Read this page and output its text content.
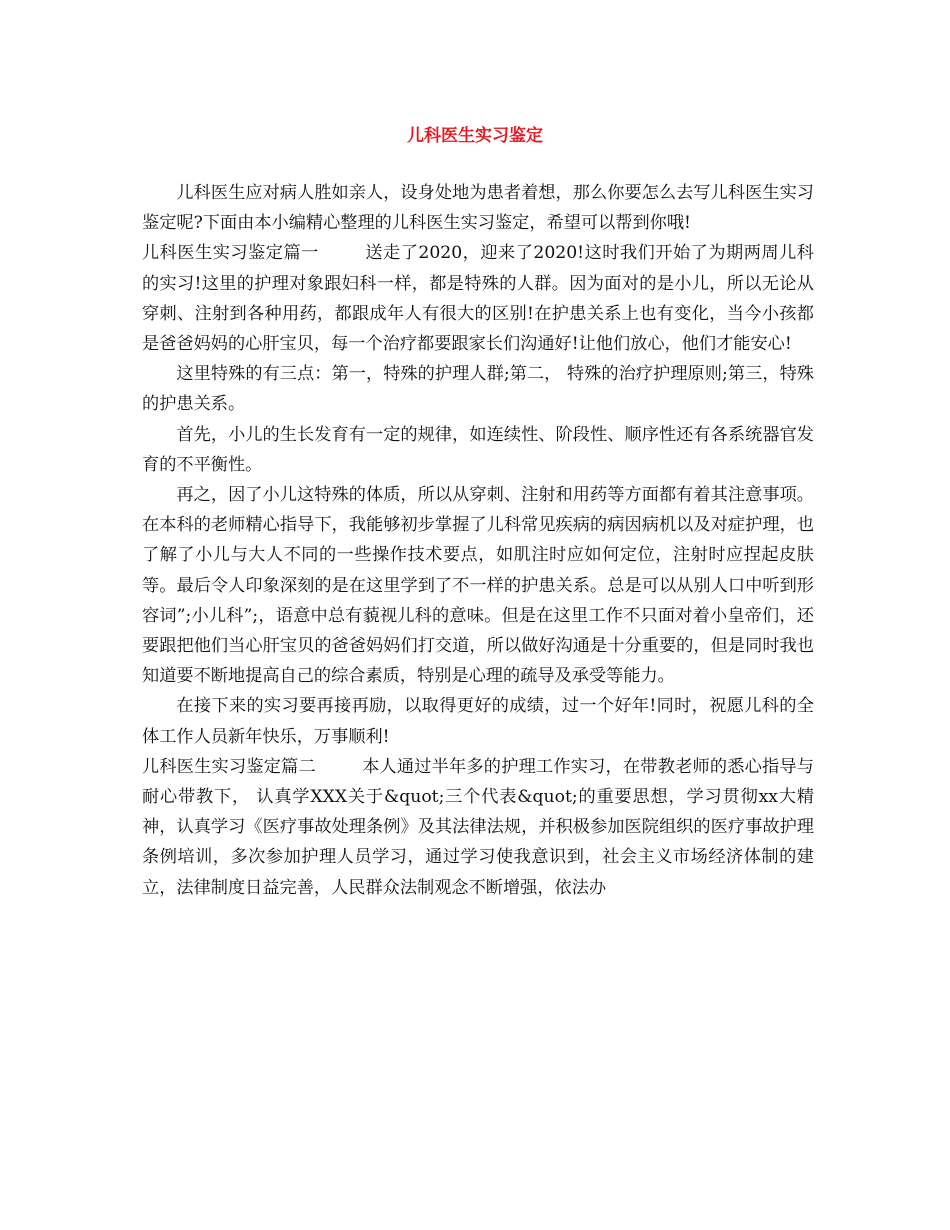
儿科医生实习鉴定

儿科医生应对病人胜如亲人，设身处地为患者着想，那么你要怎么去写儿科医生实习鉴定呢?下面由本小编精心整理的儿科医生实习鉴定，希望可以帮到你哦!

儿科医生实习鉴定篇一	送走了2020，迎来了2020!这时我们开始了为期两周儿科的实习!这里的护理对象跟妇科一样，都是特殊的人群。因为面对的是小儿，所以无论从穿刺、注射到各种用药，都跟成年人有很大的区别!在护患关系上也有变化，当今小孩都是爸爸妈妈的心肝宝贝，每一个治疗都要跟家长们沟通好!让他们放心，他们才能安心!

这里特殊的有三点：第一，特殊的护理人群;第二， 特殊的治疗护理原则;第三，特殊的护患关系。

首先，小儿的生长发育有一定的规律，如连续性、阶段性、顺序性还有各系统器官发育的不平衡性。

再之，因了小儿这特殊的体质，所以从穿刺、注射和用药等方面都有着其注意事项。在本科的老师精心指导下，我能够初步掌握了儿科常见疾病的病因病机以及对症护理，也了解了小儿与大人不同的一些操作技术要点，如肌注时应如何定位，注射时应捏起皮肤等。最后令人印象深刻的是在这里学到了不一样的护患关系。总是可以从别人口中听到形容词”;小儿科”;，语意中总有藐视儿科的意味。但是在这里工作不只面对着小皇帝们，还要跟把他们当心肝宝贝的爸爸妈妈们打交道，所以做好沟通是十分重要的，但是同时我也知道要不断地提高自己的综合素质，特别是心理的疏导及承受等能力。

在接下来的实习要再接再励，以取得更好的成绩，过一个好年!同时，祝愿儿科的全体工作人员新年快乐，万事顺利!

儿科医生实习鉴定篇二	本人通过半年多的护理工作实习，在带教老师的悉心指导与耐心带教下， 认真学XXX关于&quot;三个代表&quot;的重要思想，学习贯彻xx大精神，认真学习《医疗事故处理条例》及其法律法规，并积极参加医院组织的医疗事故护理条例培训，多次参加护理人员学习，通过学习使我意识到，社会主义市场经济体制的建立，法律制度日益完善，人民群众法制观念不断增强，依法办
